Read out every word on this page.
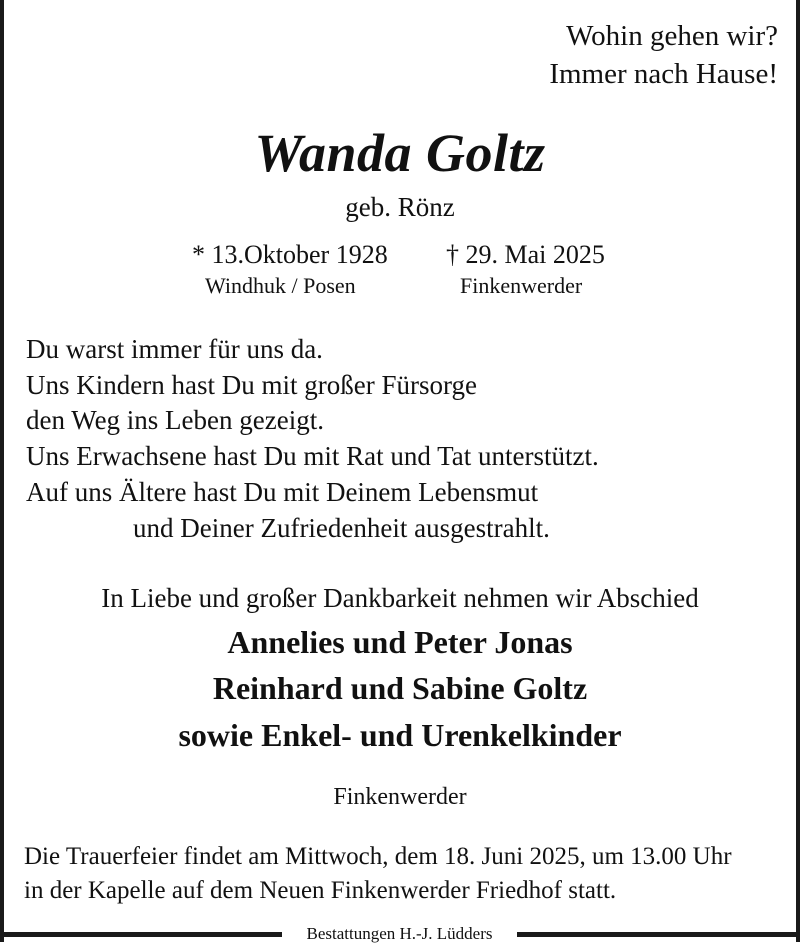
Wohin gehen wir?
Immer nach Hause!
Wanda Goltz
geb. Rönz
* 13.Oktober 1928
Windhuk / Posen
† 29. Mai 2025
Finkenwerder
Du warst immer für uns da.
Uns Kindern hast Du mit großer Fürsorge
den Weg ins Leben gezeigt.
Uns Erwachsene hast Du mit Rat und Tat unterstützt.
Auf uns Ältere hast Du mit Deinem Lebensmut
und Deiner Zufriedenheit ausgestrahlt.
In Liebe und großer Dankbarkeit nehmen wir Abschied
Annelies und Peter Jonas
Reinhard und Sabine Goltz
sowie Enkel- und Urenkelkinder
Finkenwerder
Die Trauerfeier findet am Mittwoch, dem 18. Juni 2025, um 13.00 Uhr
in der Kapelle auf dem Neuen Finkenwerder Friedhof statt.
Bestattungen H.-J. Lüdders
